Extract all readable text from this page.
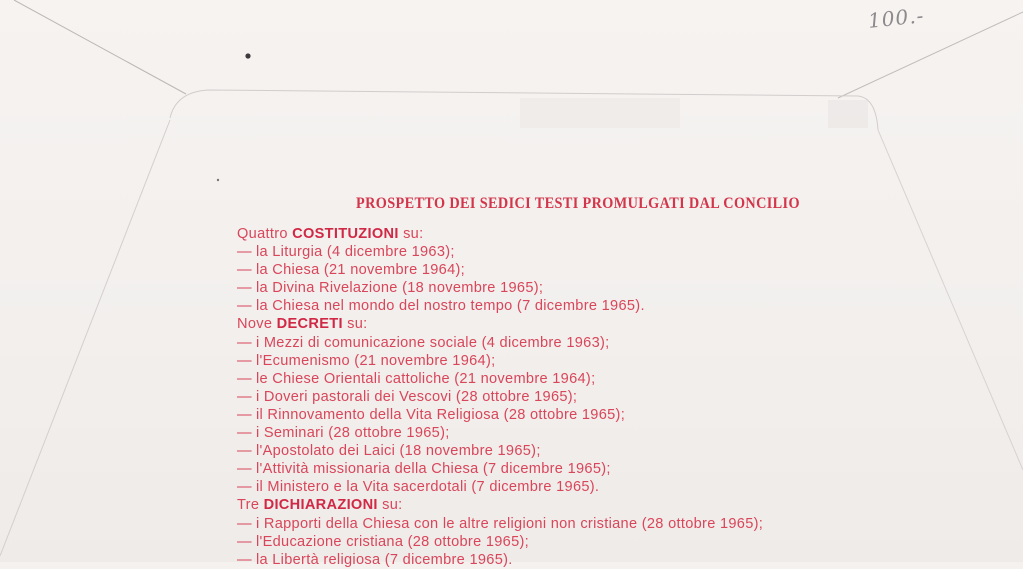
100.-
PROSPETTO DEI SEDICI TESTI PROMULGATI DAL CONCILIO
Quattro COSTITUZIONI su:
— la Liturgia (4 dicembre 1963);
— la Chiesa (21 novembre 1964);
— la Divina Rivelazione (18 novembre 1965);
— la Chiesa nel mondo del nostro tempo (7 dicembre 1965).
Nove DECRETI su:
— i Mezzi di comunicazione sociale (4 dicembre 1963);
— l'Ecumenismo (21 novembre 1964);
— le Chiese Orientali cattoliche (21 novembre 1964);
— i Doveri pastorali dei Vescovi (28 ottobre 1965);
— il Rinnovamento della Vita Religiosa (28 ottobre 1965);
— i Seminari (28 ottobre 1965);
— l'Apostolato dei Laici (18 novembre 1965);
— l'Attività missionaria della Chiesa (7 dicembre 1965);
— il Ministero e la Vita sacerdotali (7 dicembre 1965).
Tre DICHIARAZIONI su:
— i Rapporti della Chiesa con le altre religioni non cristiane (28 ottobre 1965);
— l'Educazione cristiana (28 ottobre 1965);
— la Libertà religiosa (7 dicembre 1965).
